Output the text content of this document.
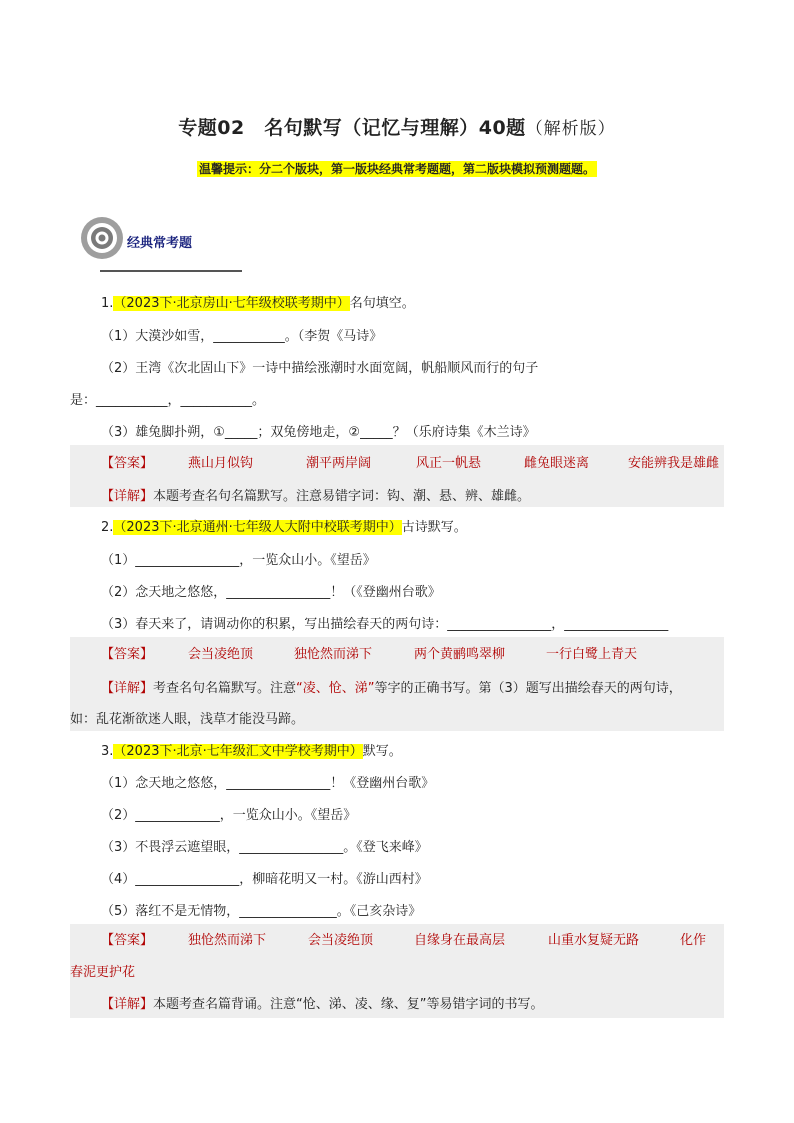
专题02　名句默写（记忆与理解）40题（解析版）
温馨提示：分二个版块，第一版块经典常考题题，第二版块模拟预测题题。
经典常考题
1.（2023下·北京房山·七年级校联考期中）名句填空。
（1）大漠沙如雪，___________。（李贺《马诗》
（2）王湾《次北固山下》一诗中描绘涨潮时水面宽阔，帆船顺风而行的句子
是：___________，___________。
（3）雄兔脚扑朔，①_____；双兔傍地走，②_____？（乐府诗集《木兰诗》
【答案】	燕山月似钩	潮平两岸阔	风正一帆悬	雌兔眼迷离	安能辨我是雄雌
【详解】本题考查名句名篇默写。注意易错字词：钩、潮、悬、辨、雄雌。
2.（2023下·北京通州·七年级人大附中校联考期中）古诗默写。
（1）________________，一览众山小。《望岳》
（2）念天地之悠悠，________________！（《登幽州台歌》
（3）春天来了，请调动你的积累，写出描绘春天的两句诗：________________，________________
【答案】	会当凌绝顶	独怆然而涕下	两个黄鹂鸣翠柳	一行白鹭上青天
【详解】考查名句名篇默写。注意“凌、怆、涕”等字的正确书写。第（3）题写出描绘春天的两句诗，
如：乱花渐欲迷人眼，浅草才能没马蹄。
3.（2023下·北京·七年级汇文中学校考期中）默写。
（1）念天地之悠悠，________________！《登幽州台歌》
（2）_____________，一览众山小。《望岳》
（3）不畏浮云遮望眼，________________。《登飞来峰》
（4）________________，柳暗花明又一村。《游山西村》
（5）落红不是无情物，_______________。《己亥杂诗》
【答案】	独怆然而涕下	会当凌绝顶	自缘身在最高层	山重水复疑无路	化作
春泥更护花
【详解】本题考查名篇背诵。注意“怆、涕、凌、缘、复”等易错字词的书写。
